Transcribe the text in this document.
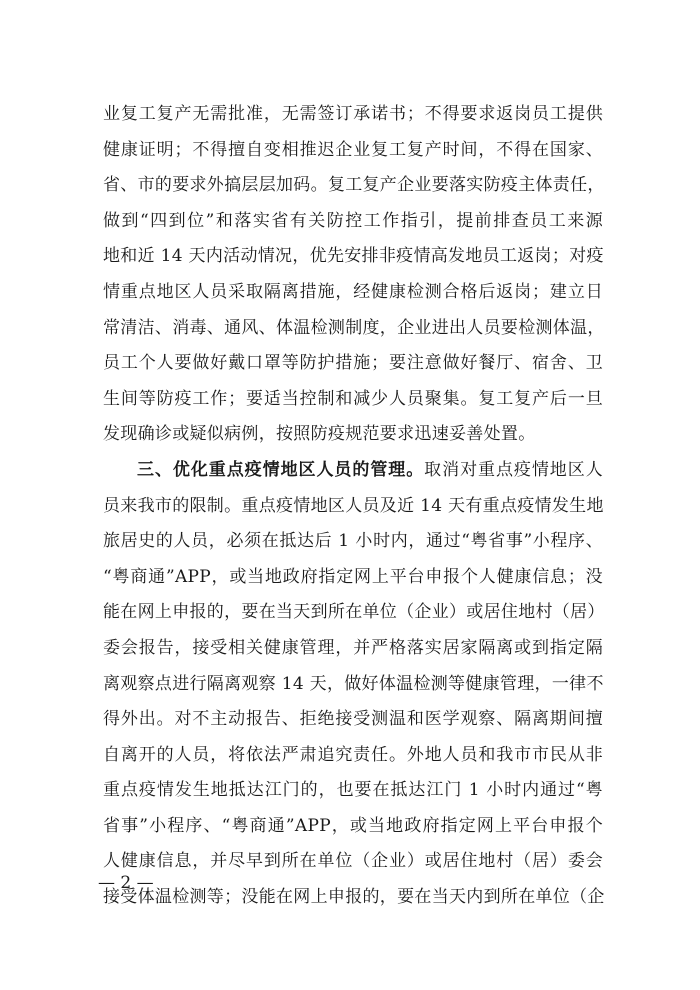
业复工复产无需批准，无需签订承诺书；不得要求返岗员工提供
健康证明；不得擅自变相推迟企业复工复产时间，不得在国家、
省、市的要求外搞层层加码。复工复产企业要落实防疫主体责任，
做到“四到位”和落实省有关防控工作指引，提前排查员工来源
地和近 14 天内活动情况，优先安排非疫情高发地员工返岗；对疫
情重点地区人员采取隔离措施，经健康检测合格后返岗；建立日
常清洁、消毒、通风、体温检测制度，企业进出人员要检测体温，
员工个人要做好戴口罩等防护措施；要注意做好餐厅、宿舍、卫
生间等防疫工作；要适当控制和减少人员聚集。复工复产后一旦
发现确诊或疑似病例，按照防疫规范要求迅速妥善处置。
三、优化重点疫情地区人员的管理。取消对重点疫情地区人
员来我市的限制。重点疫情地区人员及近 14 天有重点疫情发生地
旅居史的人员，必须在抵达后 1 小时内，通过“粤省事”小程序、
“粤商通”APP，或当地政府指定网上平台申报个人健康信息；没
能在网上申报的，要在当天到所在单位（企业）或居住地村（居）
委会报告，接受相关健康管理，并严格落实居家隔离或到指定隔
离观察点进行隔离观察 14 天，做好体温检测等健康管理，一律不
得外出。对不主动报告、拒绝接受测温和医学观察、隔离期间擅
自离开的人员，将依法严肃追究责任。外地人员和我市市民从非
重点疫情发生地抵达江门的，也要在抵达江门 1 小时内通过“粤
省事”小程序、“粤商通”APP，或当地政府指定网上平台申报个
人健康信息，并尽早到所在单位（企业）或居住地村（居）委会
接受体温检测等；没能在网上申报的，要在当天内到所在单位（企
— 2 —
